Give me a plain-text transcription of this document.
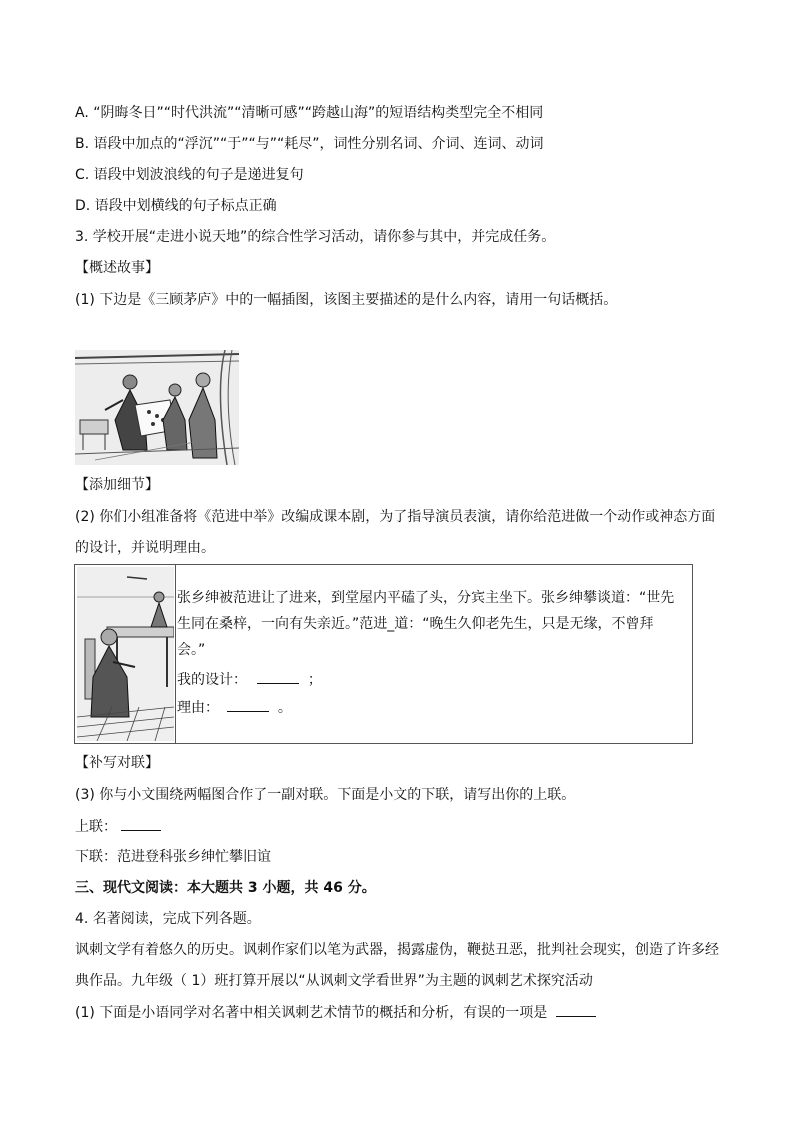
A. “阴晦冬日”“时代洪流”“清晰可感”“跨越山海”的短语结构类型完全不相同
B. 语段中加点的“浮沉”“于”“与”“耗尽”，词性分别名词、介词、连词、动词
C. 语段中划波浪线的句子是递进复句
D. 语段中划横线的句子标点正确
3. 学校开展“走进小说天地”的综合性学习活动，请你参与其中，并完成任务。
【概述故事】
(1) 下边是《三顾茅庐》中的一幅插图，该图主要描述的是什么内容，请用一句话概括。
【添加细节】
(2) 你们小组准备将《范进中举》改编成课本剧，为了指导演员表演，请你给范进做一个动作或神态方面
的设计，并说明理由。
张乡绅被范进让了进来，到堂屋内平磕了头，分宾主坐下。张乡绅攀谈道：“世先
生同在桑梓，一向有失亲近。”范进_道：“晚生久仰老先生，只是无缘，不曾拜
会。”
我的设计：	；
理由：	。
【补写对联】
(3) 你与小文围绕两幅图合作了一副对联。下面是小文的下联，请写出你的上联。
上联：
下联：范进登科张乡绅忙攀旧谊
三、现代文阅读：本大题共 3 小题，共 46 分。
4. 名著阅读，完成下列各题。
讽刺文学有着悠久的历史。讽刺作家们以笔为武器，揭露虚伪，鞭挞丑恶，批判社会现实，创造了许多经
典作品。九年级（ 1）班打算开展以“从讽刺文学看世界”为主题的讽刺艺术探究活动
(1) 下面是小语同学对名著中相关讽刺艺术情节的概括和分析，有误的一项是
